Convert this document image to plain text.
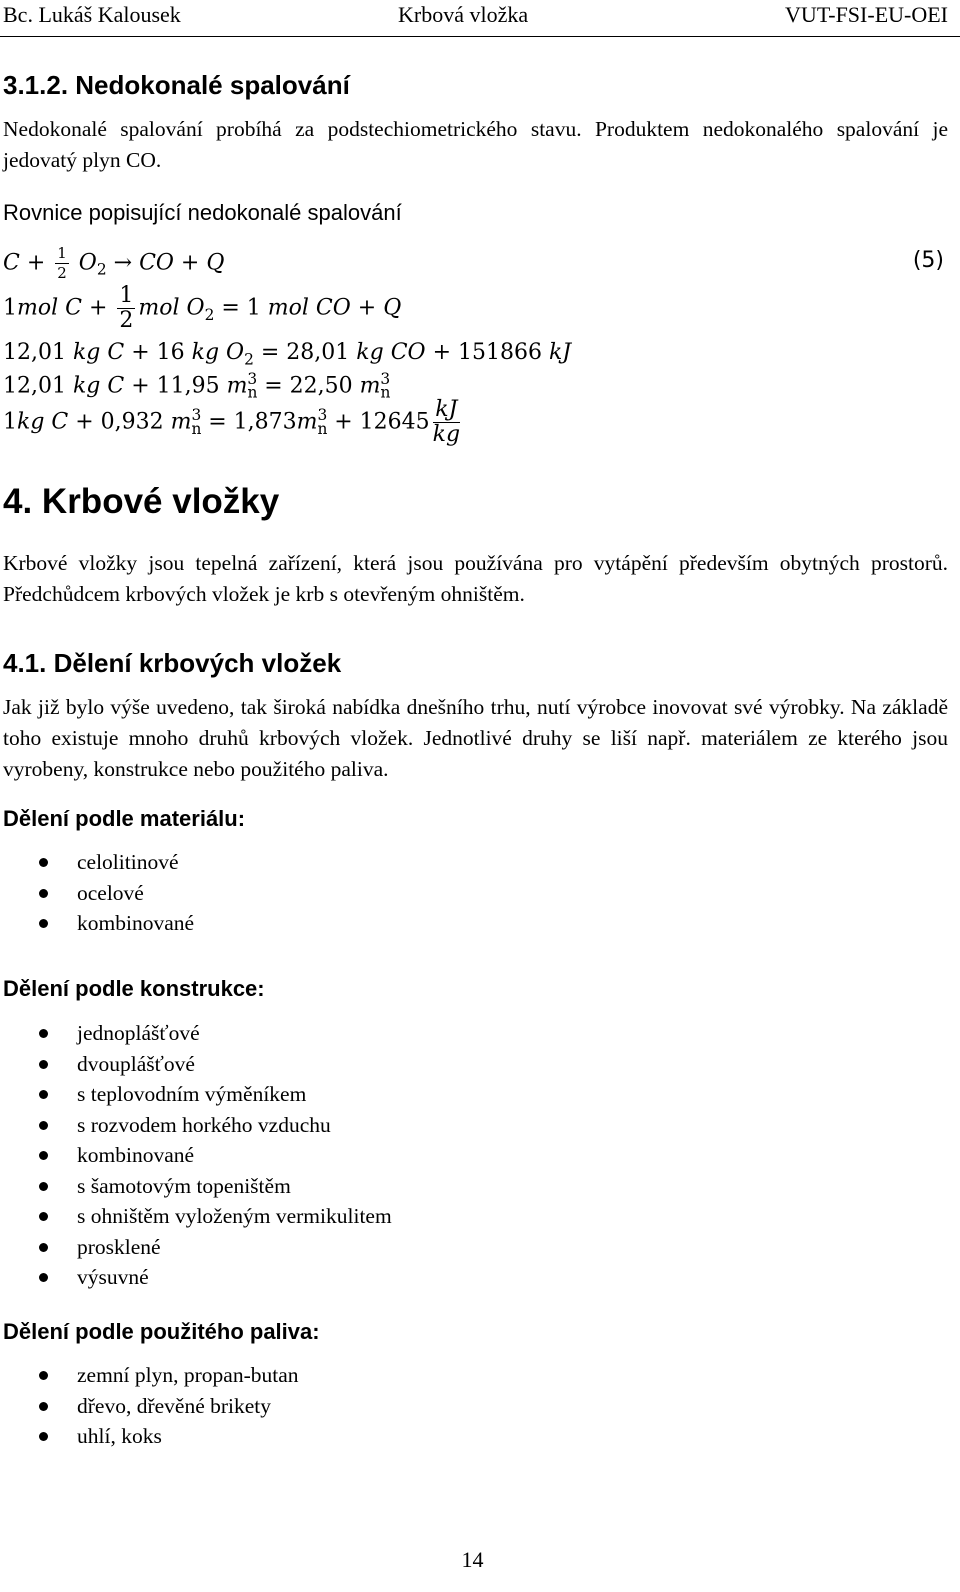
Bc. Lukáš Kalousek	Krbová vložka	VUT-FSI-EU-OEI
3.1.2. Nedokonalé spalování

Nedokonalé spalování probíhá za podstechiometrického stavu. Produktem nedokonalého spalování je jedovatý plyn CO.

Rovnice popisující nedokonalé spalování

$C + \frac{1}{2} O_2$ → CO + Q	(5)
1mol $C + \frac{1}{2}$ mol $O_2 = 1$ mol CO + Q
12,01 kg C + 16 kg $O_2 = 28,01$ kg CO + 151866 kJ
12,01 kg C + 11,95 $m_n^3 = 22,50$ $m_n^3$
1kg C + 0,932 $m_n^3 = 1,873m_n^3 + 12645 \frac{kJ}{kg}$
4. Krbové vložky

Krbové vložky jsou tepelná zařízení, která jsou používána pro vytápění především obytných prostorů. Předchůdcem krbových vložek je krb s otevřeným ohništěm.

4.1. Dělení krbových vložek

Jak již bylo výše uvedeno, tak široká nabídka dnešního trhu, nutí výrobce inovovat své výrobky. Na základě toho existuje mnoho druhů krbových vložek. Jednotlivé druhy se liší např. materiálem ze kterého jsou vyrobeny, konstrukce nebo použitého paliva.

Dělení podle materiálu:

celolitinové
ocelové
kombinované

Dělení podle konstrukce:

jednoplášťové
dvouplášťové
s teplovodním výměníkem
s rozvodem horkého vzduchu
kombinované
s šamotovým topeništěm
s ohništěm vyloženým vermikulitem
prosklené
výsuvné

Dělení podle použitého paliva:

zemní plyn, propan-butan
dřevo, dřevěné brikety
uhlí, koks
14
